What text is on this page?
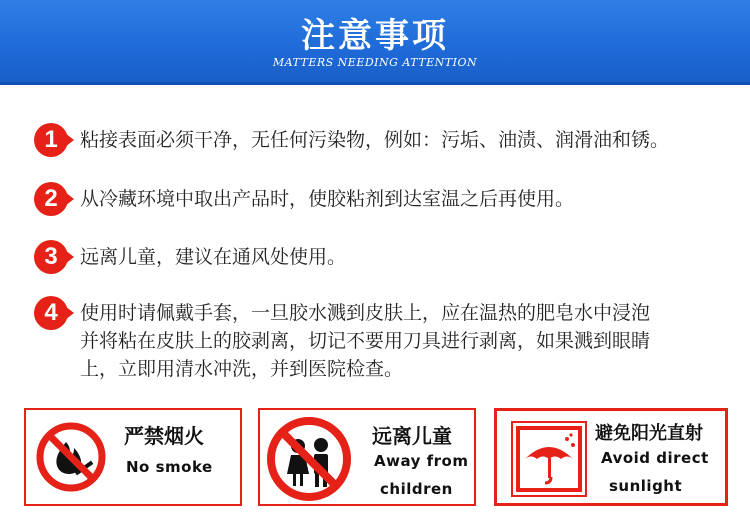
注意事项
MATTERS NEEDING ATTENTION
1	粘接表面必须干净，无任何污染物，例如：污垢、油渍、润滑油和锈。
2	从冷藏环境中取出产品时，使胶粘剂到达室温之后再使用。
3	远离儿童，建议在通风处使用。
4	使用时请佩戴手套，一旦胶水溅到皮肤上，应在温热的肥皂水中浸泡
并将粘在皮肤上的胶剥离，切记不要用刀具进行剥离，如果溅到眼睛
上，立即用清水冲洗，并到医院检查。
严禁烟火
No smoke
远离儿童
Away from
children
避免阳光直射
Avoid direct
sunlight
